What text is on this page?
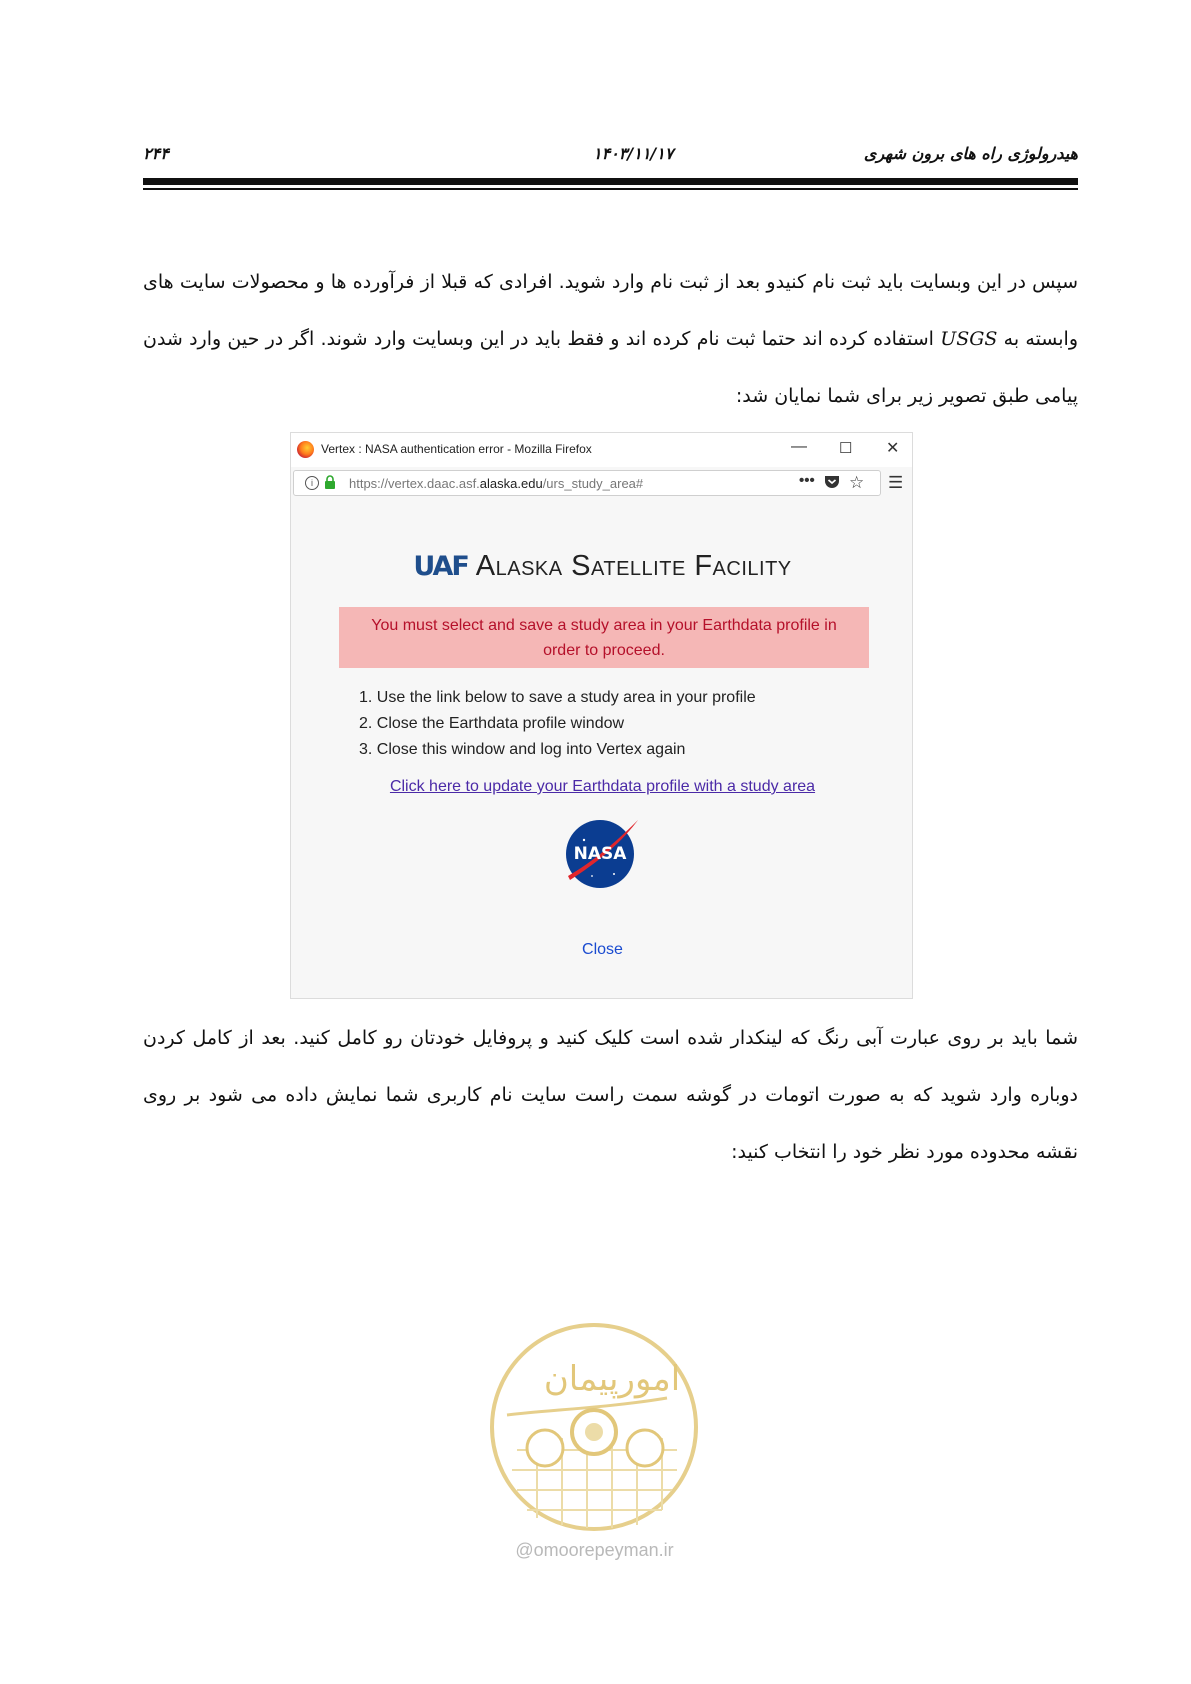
هیدرولوژی راه های برون شهری
۱۴۰۳/۱۱/۱۷
۲۴۴
سپس در این وبسایت باید ثبت نام کنیدو بعد از ثبت نام وارد شوید. افرادی که قبلا از فرآورده ها و محصولات سایت های وابسته به USGS استفاده کرده اند حتما ثبت نام کرده اند و فقط باید در این وبسایت وارد شوند. اگر در حین وارد شدن پیامی طبق تصویر زیر برای شما نمایان شد:
Vertex : NASA authentication error - Mozilla Firefox	— ☐ ✕
i	https://vertex.daac.asf.alaska.edu/urs_study_area#	••• ☆ ☰
UAF Alaska Satellite Facility
You must select and save a study area in your Earthdata profile in
order to proceed.
1. Use the link below to save a study area in your profile
2. Close the Earthdata profile window
3. Close this window and log into Vertex again
Click here to update your Earthdata profile with a study area
NASA
Close
شما باید بر روی عبارت آبی رنگ که لینکدار شده است کلیک کنید و پروفایل خودتان رو کامل کنید. بعد از کامل کردن دوباره وارد شوید که به صورت اتومات در گوشه سمت راست سایت نام کاربری شما نمایش داده می شود بر روی نقشه محدوده مورد نظر خود را انتخاب کنید:
امورپیمان
@omoorepeyman.ir
